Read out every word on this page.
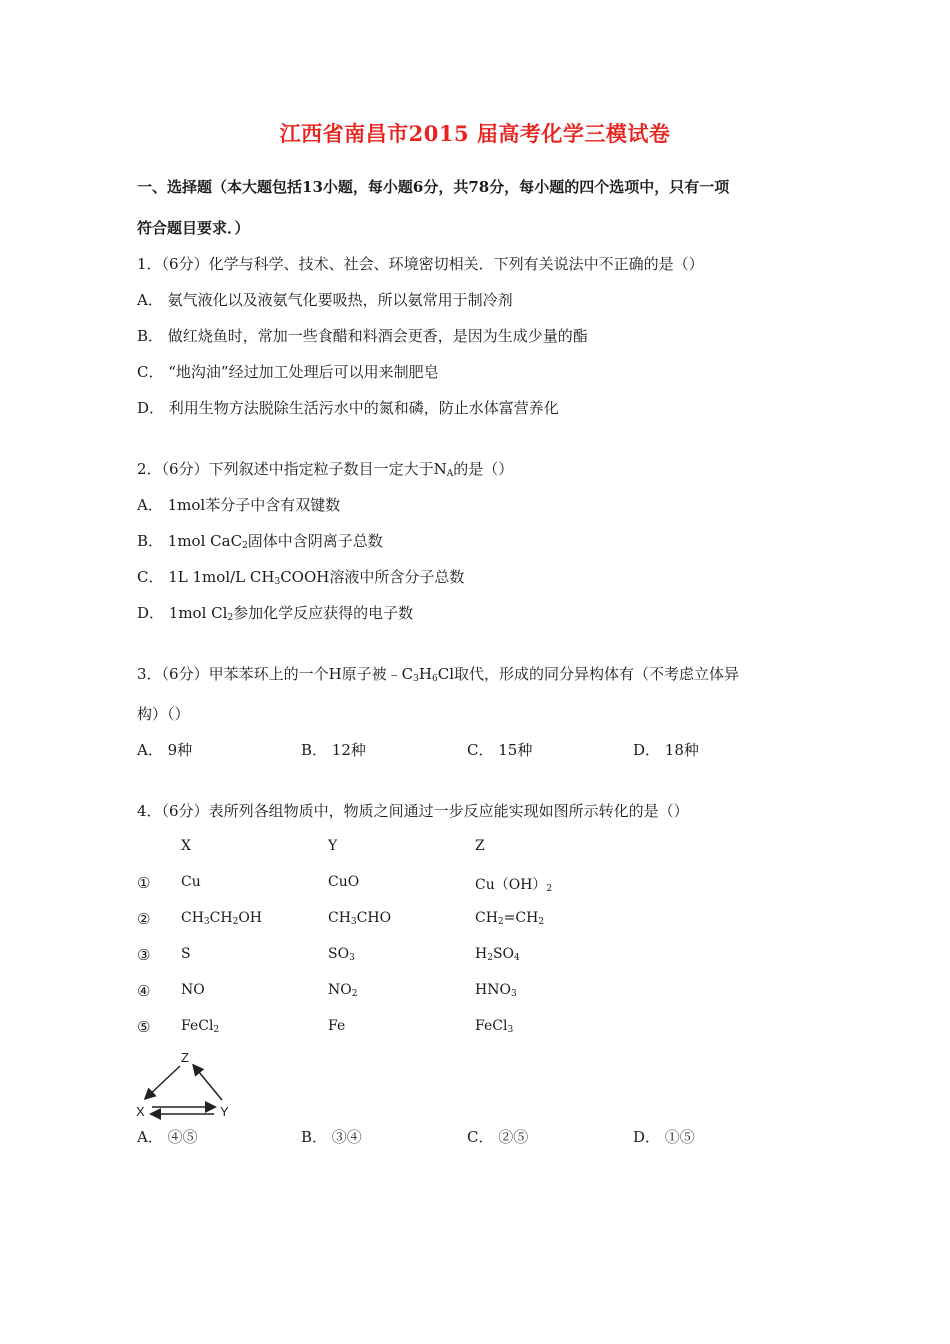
江西省南昌市2015 届高考化学三模试卷
一、选择题（本大题包括13小题，每小题6分，共78分，每小题的四个选项中，只有一项
符合题目要求．）
1．（6分）化学与科学、技术、社会、环境密切相关．下列有关说法中不正确的是（）
A． 氨气液化以及液氨气化要吸热，所以氨常用于制冷剂
B． 做红烧鱼时，常加一些食醋和料酒会更香，是因为生成少量的酯
C． “地沟油”经过加工处理后可以用来制肥皂
D． 利用生物方法脱除生活污水中的氮和磷，防止水体富营养化
2．（6分）下列叙述中指定粒子数目一定大于$N_A$的是（）
A． 1mol苯分子中含有双键数
B． 1mol CaC$_2$固体中含阴离子总数
C． 1L 1mol/L $CH_3COOH$溶液中所含分子总数
D． 1mol $Cl_2$参加化学反应获得的电子数
3．（6分）甲苯苯环上的一个H原子被$﹣C_3H_6Cl$取代，形成的同分异构体有（不考虑立体异
构）（）
A． 9种	B． 12种	C． 15种	D． 18种
4．（6分）表所列各组物质中，物质之间通过一步反应能实现如图所示转化的是（）
X	Y	Z
① Cu	CuO	$Cu(OH)_2$
② $CH_3CH_2OH$	$CH_3CHO$	$CH_2=CH_2$
③ S	$SO_3$	$H_2SO_4$
④ NO	$NO_2$	$HNO_3$
⑤ FeCl$_2$	Fe	FeCl$_3$
Z
X	Y
A． ④⑤	B． ③④	C． ②⑤	D． ①⑤
